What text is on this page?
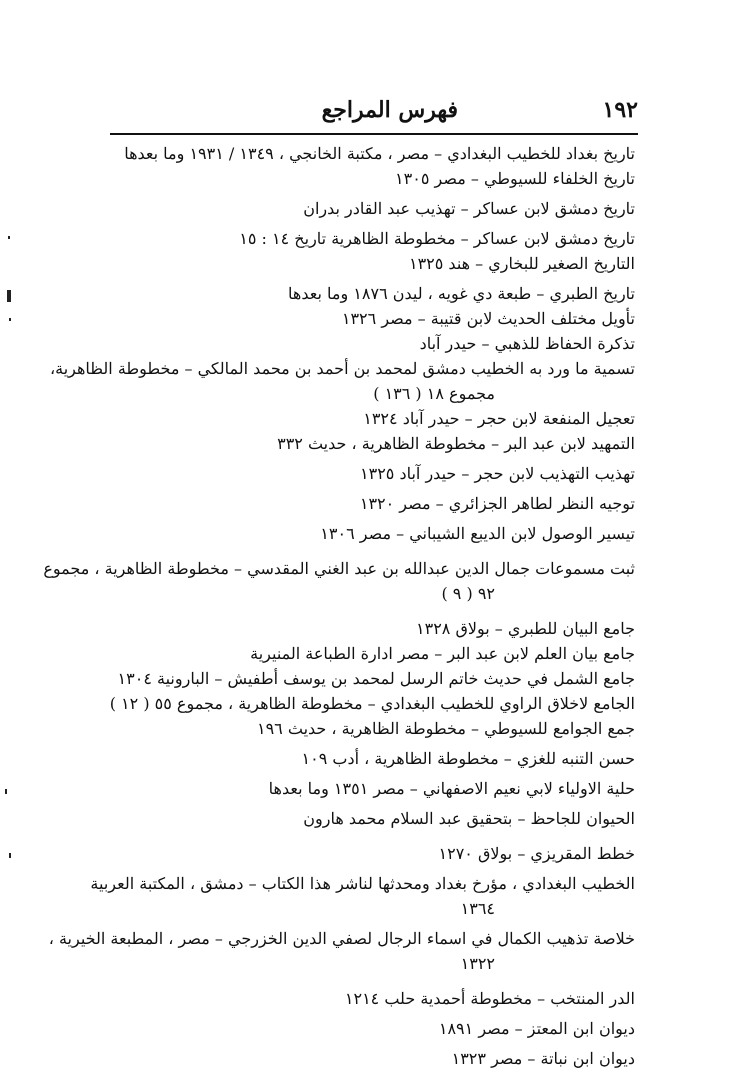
١٩٢
فهرس المراجع
تاريخ بغداد للخطيب البغدادي – مصر ، مكتبة الخانجي ، ١٣٤٩ / ١٩٣١ وما بعدها
تاريخ الخلفاء للسيوطي – مصر ١٣٠٥
تاريخ دمشق لابن عساكر – تهذيب عبد القادر بدران
تاريخ دمشق لابن عساكر – مخطوطة الظاهرية تاريخ ١٤ : ١٥
التاريخ الصغير للبخاري – هند ١٣٢٥
تاريخ الطبري – طبعة دي غويه ، ليدن ١٨٧٦ وما بعدها
تأويل مختلف الحديث لابن قتيبة – مصر ١٣٢٦
تذكرة الحفاظ للذهبي – حيدر آباد
تسمية ما ورد به الخطيب دمشق لمحمد بن أحمد بن محمد المالكي – مخطوطة الظاهرية،
مجموع ١٨ ( ١٣٦ )
تعجيل المنفعة لابن حجر – حيدر آباد ١٣٢٤
التمهيد لابن عبد البر – مخطوطة الظاهرية ، حديث ٣٣٢
تهذيب التهذيب لابن حجر – حيدر آباد ١٣٢٥
توجيه النظر لطاهر الجزائري – مصر ١٣٢٠
تيسير الوصول لابن الديبع الشيباني – مصر ١٣٠٦
ثبت مسموعات جمال الدين عبدالله بن عبد الغني المقدسي – مخطوطة الظاهرية ، مجموع
٩٢ ( ٩ )
جامع البيان للطبري – بولاق ١٣٢٨
جامع بيان العلم لابن عبد البر – مصر ادارة الطباعة المنيرية
جامع الشمل في حديث خاتم الرسل لمحمد بن يوسف أطفيش – البارونية ١٣٠٤
الجامع لاخلاق الراوي للخطيب البغدادي – مخطوطة الظاهرية ، مجموع ٥٥ ( ١٢ )
جمع الجوامع للسيوطي – مخطوطة الظاهرية ، حديث ١٩٦
حسن التنبه للغزي – مخطوطة الظاهرية ، أدب ١٠٩
حلية الاولياء لابي نعيم الاصفهاني – مصر ١٣٥١ وما بعدها
الحيوان للجاحظ – بتحقيق عبد السلام محمد هارون
خطط المقريزي – بولاق ١٢٧٠
الخطيب البغدادي ، مؤرخ بغداد ومحدثها لناشر هذا الكتاب – دمشق ، المكتبة العربية
١٣٦٤
خلاصة تذهيب الكمال في اسماء الرجال لصفي الدين الخزرجي – مصر ، المطبعة الخيرية ،
١٣٢٢
الدر المنتخب – مخطوطة أحمدية حلب ١٢١٤
ديوان ابن المعتز – مصر ١٨٩١
ديوان ابن نباتة – مصر ١٣٢٣
